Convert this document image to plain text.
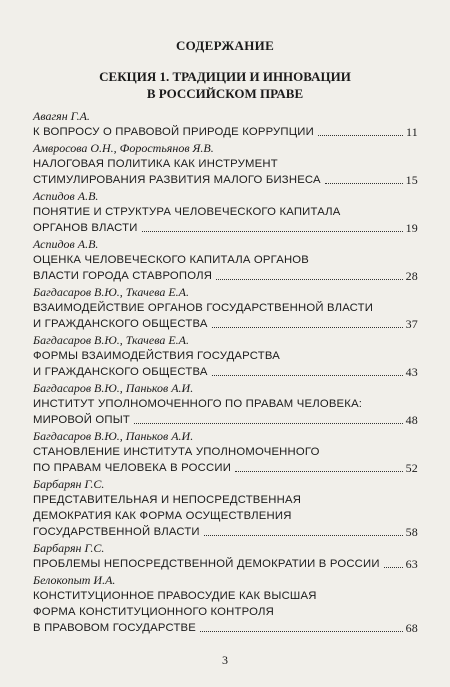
СОДЕРЖАНИЕ
СЕКЦИЯ 1. ТРАДИЦИИ И ИННОВАЦИИ
В РОССИЙСКОМ ПРАВЕ
Авагян Г.А.
К ВОПРОСУ О ПРАВОВОЙ ПРИРОДЕ КОРРУПЦИИ	11
Амвросова О.Н., Форостьянов Я.В.
НАЛОГОВАЯ ПОЛИТИКА КАК ИНСТРУМЕНТ
СТИМУЛИРОВАНИЯ РАЗВИТИЯ МАЛОГО БИЗНЕСА	15
Аспидов А.В.
ПОНЯТИЕ И СТРУКТУРА ЧЕЛОВЕЧЕСКОГО КАПИТАЛА
ОРГАНОВ ВЛАСТИ	19
Аспидов А.В.
ОЦЕНКА ЧЕЛОВЕЧЕСКОГО КАПИТАЛА ОРГАНОВ
ВЛАСТИ ГОРОДА СТАВРОПОЛЯ	28
Багдасаров В.Ю., Ткачева Е.А.
ВЗАИМОДЕЙСТВИЕ ОРГАНОВ ГОСУДАРСТВЕННОЙ ВЛАСТИ
И ГРАЖДАНСКОГО ОБЩЕСТВА	37
Багдасаров В.Ю., Ткачева Е.А.
ФОРМЫ ВЗАИМОДЕЙСТВИЯ ГОСУДАРСТВА
И ГРАЖДАНСКОГО ОБЩЕСТВА	43
Багдасаров В.Ю., Паньков А.И.
ИНСТИТУТ УПОЛНОМОЧЕННОГО ПО ПРАВАМ ЧЕЛОВЕКА:
МИРОВОЙ ОПЫТ	48
Багдасаров В.Ю., Паньков А.И.
СТАНОВЛЕНИЕ ИНСТИТУТА УПОЛНОМОЧЕННОГО
ПО ПРАВАМ ЧЕЛОВЕКА В РОССИИ	52
Барбарян Г.С.
ПРЕДСТАВИТЕЛЬНАЯ И НЕПОСРЕДСТВЕННАЯ
ДЕМОКРАТИЯ КАК ФОРМА ОСУЩЕСТВЛЕНИЯ
ГОСУДАРСТВЕННОЙ ВЛАСТИ	58
Барбарян Г.С.
ПРОБЛЕМЫ НЕПОСРЕДСТВЕННОЙ ДЕМОКРАТИИ В РОССИИ 63
Белокопыт И.А.
КОНСТИТУЦИОННОЕ ПРАВОСУДИЕ КАК ВЫСШАЯ
ФОРМА КОНСТИТУЦИОННОГО КОНТРОЛЯ
В ПРАВОВОМ ГОСУДАРСТВЕ	68
3
